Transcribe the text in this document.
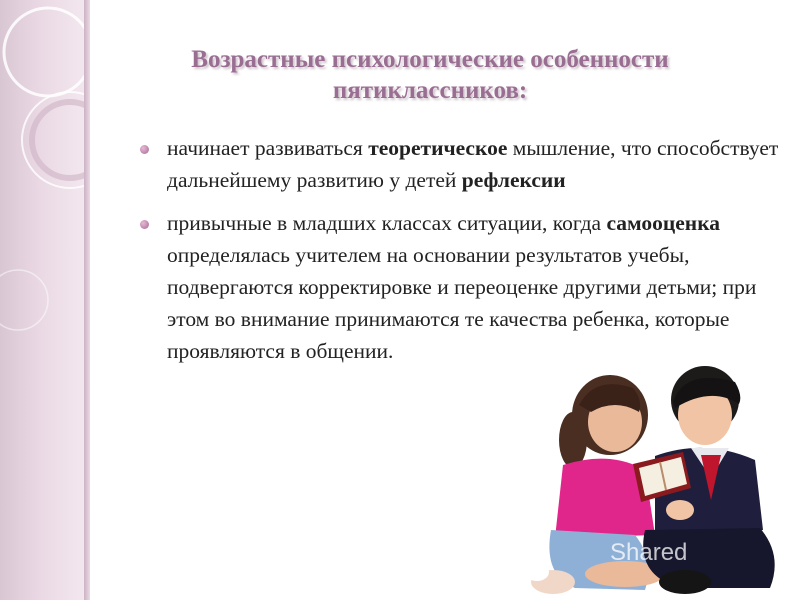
Возрастные психологические особенности
пятиклассников:
начинает развиваться теоретическое мышление, что способствует дальнейшему развитию у детей рефлексии
привычные в младших классах ситуации, когда самооценка определялась учителем на основании результатов учебы, подвергаются корректировке и переоценке другими детьми; при этом во внимание принимаются те качества ребенка, которые проявляются в общении.
Shared
